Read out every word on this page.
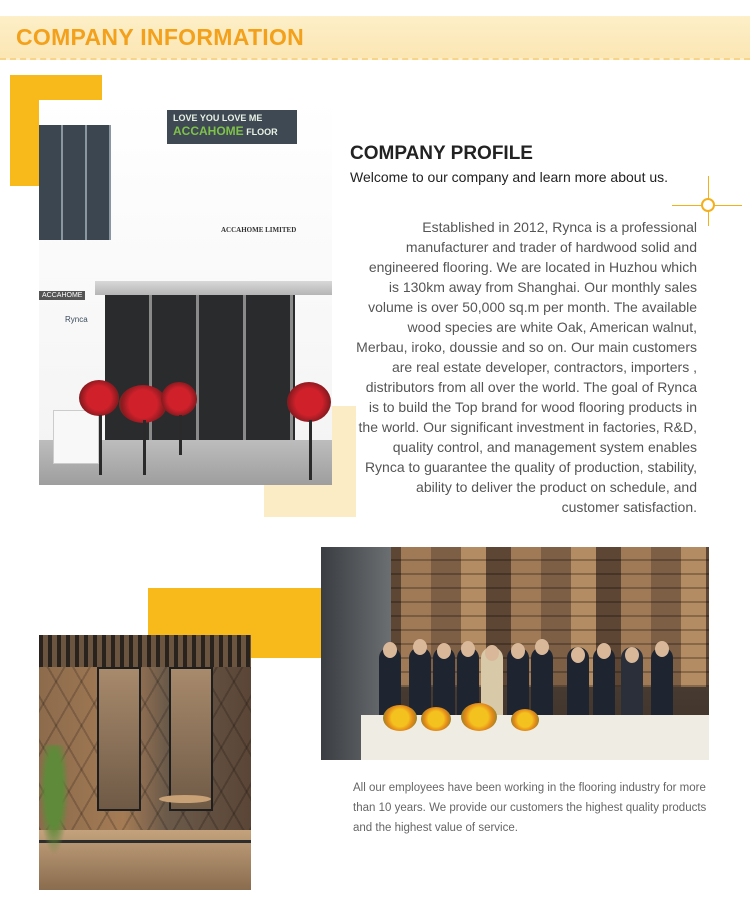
COMPANY INFORMATION
LOVE YOU LOVE ME
ACCAHOME FLOOR
ACCAHOME LIMITED
ACCAHOME
Rynca
COMPANY PROFILE
Welcome to our company and learn more about us.
Established in 2012, Rynca is a professional manufacturer and trader of hardwood solid and engineered flooring. We are located in Huzhou which is 130km away from Shanghai. Our monthly sales volume is over 50,000 sq.m per month. The available wood species are white Oak, American walnut, Merbau, iroko, doussie and so on. Our main customers are real estate developer, contractors, importers , distributors from all over the world. The goal of Rynca is to build the Top brand for wood flooring products in the world. Our significant investment in factories, R&D, quality control, and management system enables Rynca to guarantee the quality of production, stability, ability to deliver the product on schedule, and customer satisfaction.
All our employees have been working in the flooring industry for more than 10 years. We provide our customers the highest quality products and the highest value of service.
